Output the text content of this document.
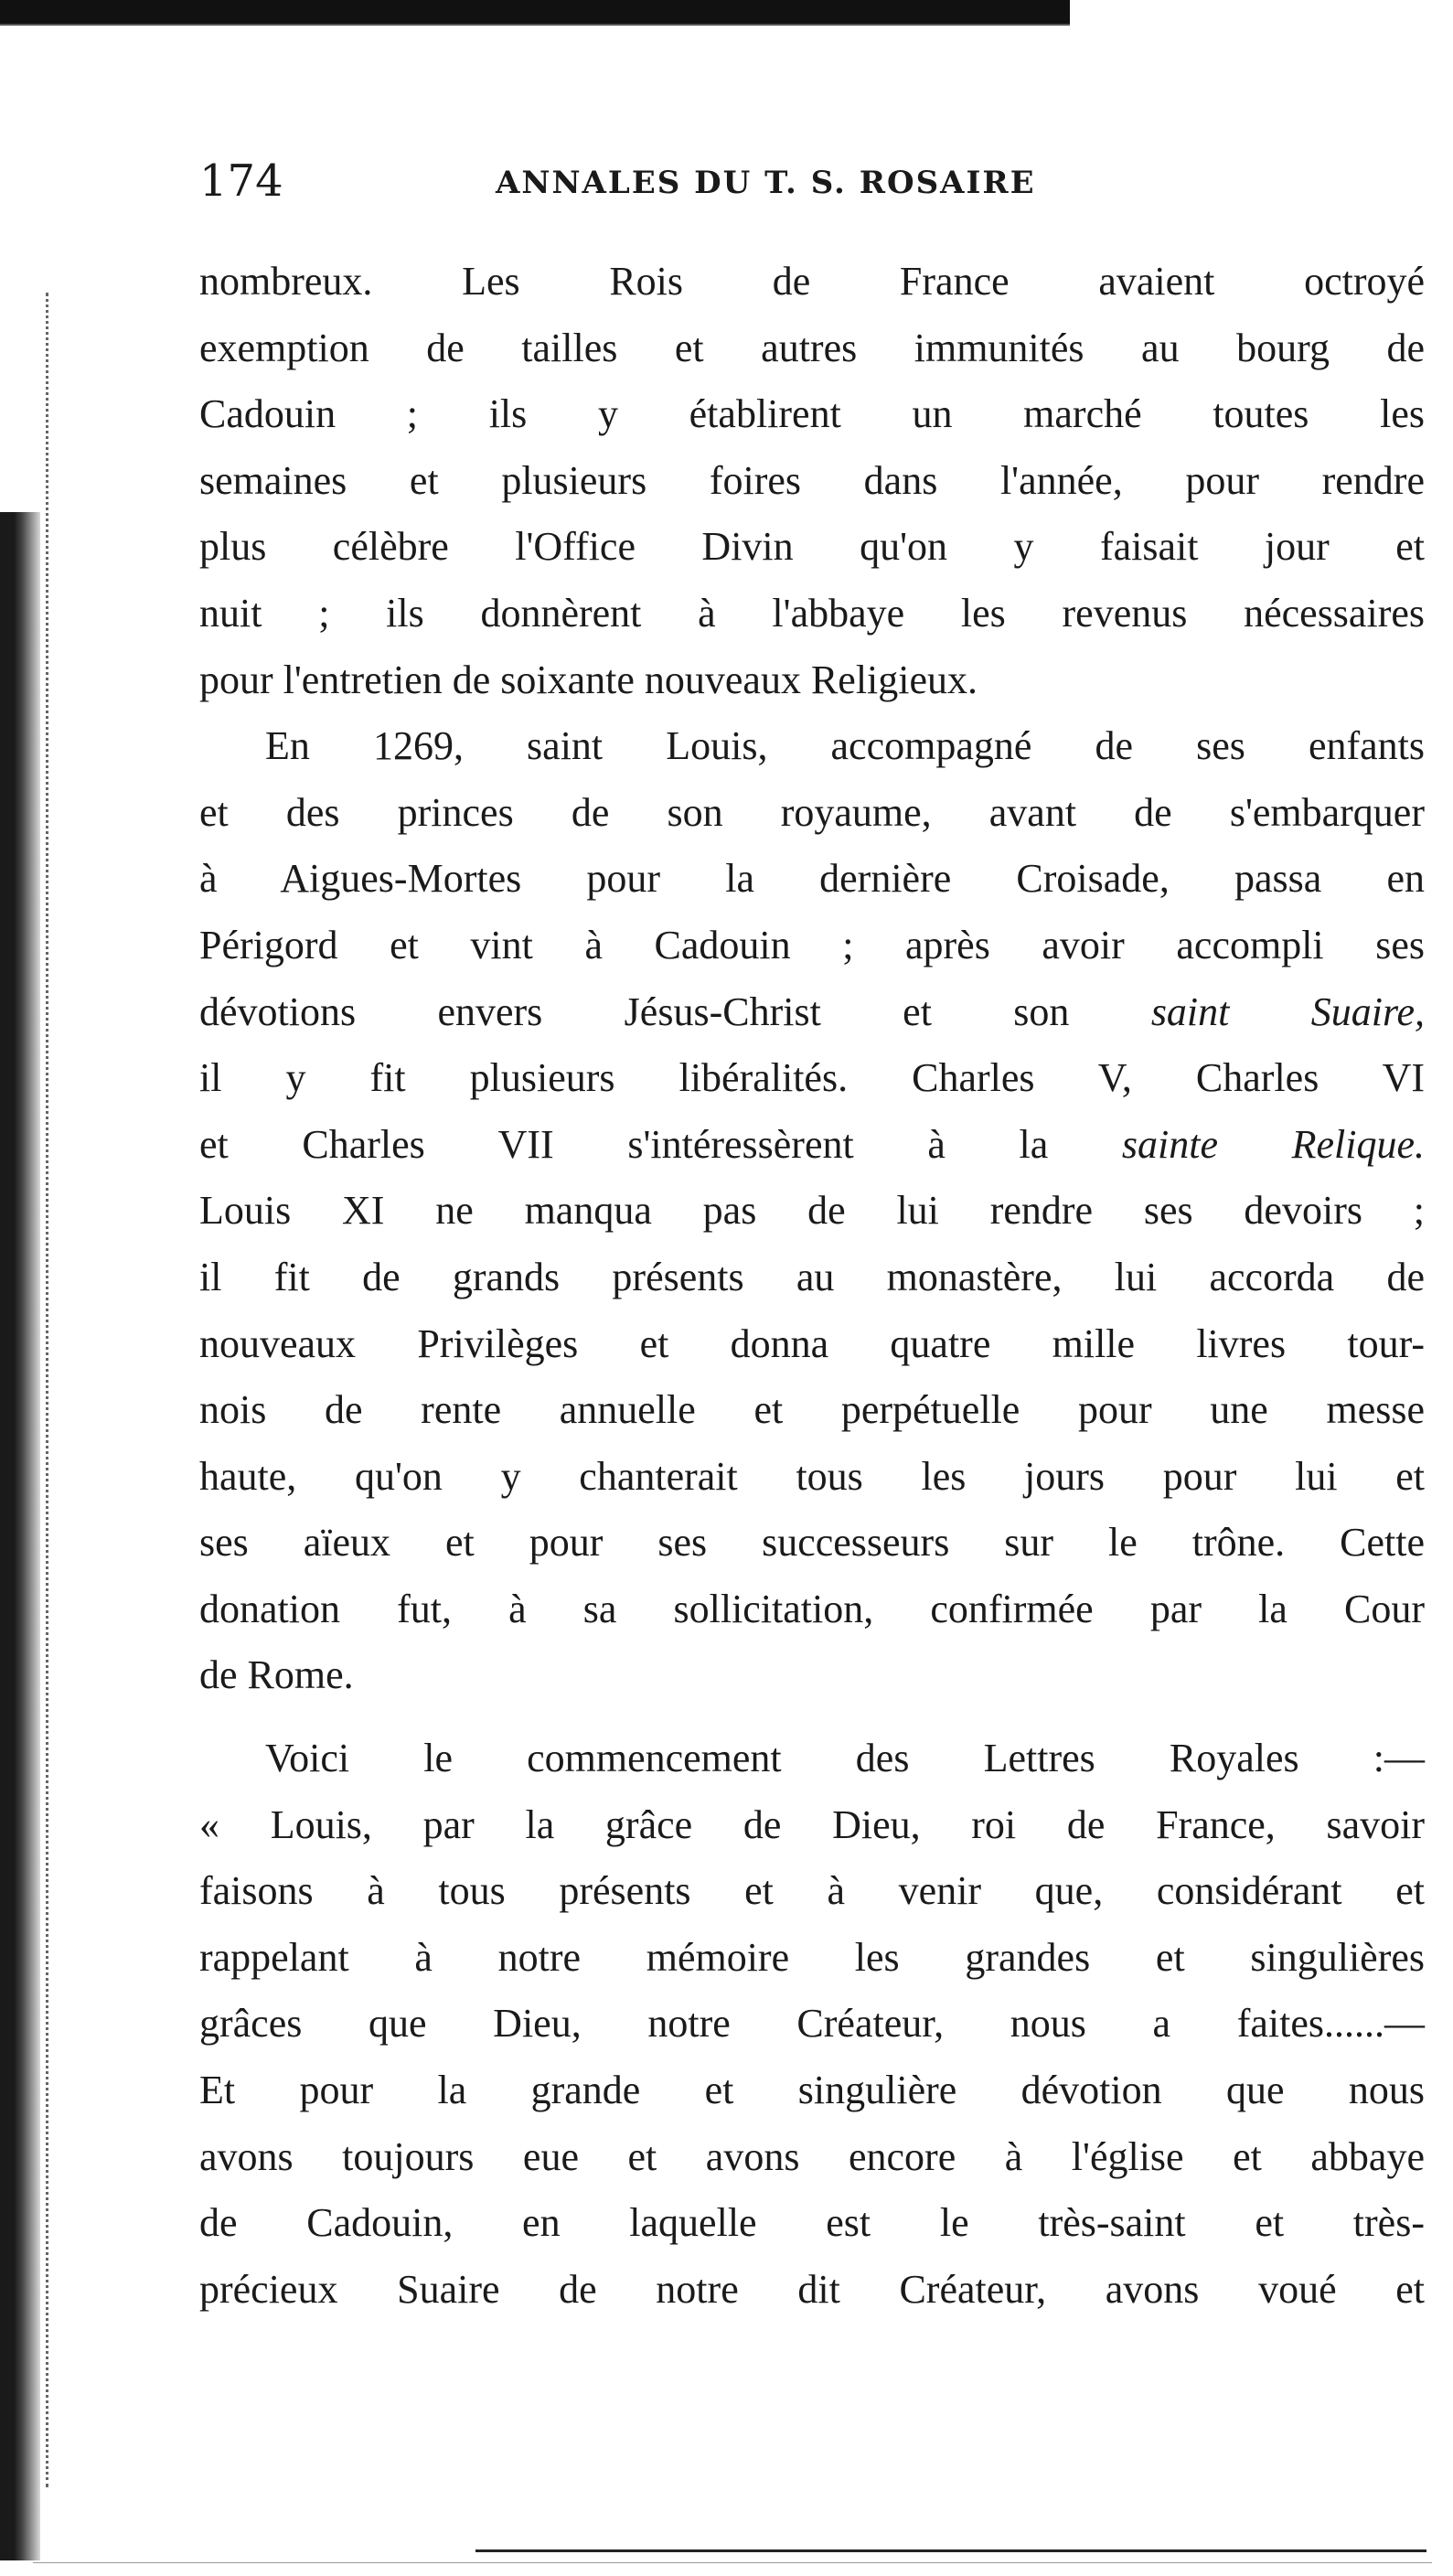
174	ANNALES DU T. S. ROSAIRE
nombreux. Les Rois de France avaient octroyé
exemption de tailles et autres immunités au bourg de
Cadouin ; ils y établirent un marché toutes les
semaines et plusieurs foires dans l'année, pour rendre
plus célèbre l'Office Divin qu'on y faisait jour et
nuit ; ils donnèrent à l'abbaye les revenus nécessaires
pour l'entretien de soixante nouveaux Religieux.
En 1269, saint Louis, accompagné de ses enfants
et des princes de son royaume, avant de s'embarquer
à Aigues-Mortes pour la dernière Croisade, passa en
Périgord et vint à Cadouin ; après avoir accompli ses
dévotions envers Jésus-Christ et son saint Suaire,
il y fit plusieurs libéralités. Charles V, Charles VI
et Charles VII s'intéressèrent à la sainte Relique.
Louis XI ne manqua pas de lui rendre ses devoirs ;
il fit de grands présents au monastère, lui accorda de
nouveaux Privilèges et donna quatre mille livres tour-
nois de rente annuelle et perpétuelle pour une messe
haute, qu'on y chanterait tous les jours pour lui et
ses aïeux et pour ses successeurs sur le trône. Cette
donation fut, à sa sollicitation, confirmée par la Cour
de Rome.
Voici le commencement des Lettres Royales :—
« Louis, par la grâce de Dieu, roi de France, savoir
faisons à tous présents et à venir que, considérant et
rappelant à notre mémoire les grandes et singulières
grâces que Dieu, notre Créateur, nous a faites......—
Et pour la grande et singulière dévotion que nous
avons toujours eue et avons encore à l'église et abbaye
de Cadouin, en laquelle est le très-saint et très-
précieux Suaire de notre dit Créateur, avons voué et
